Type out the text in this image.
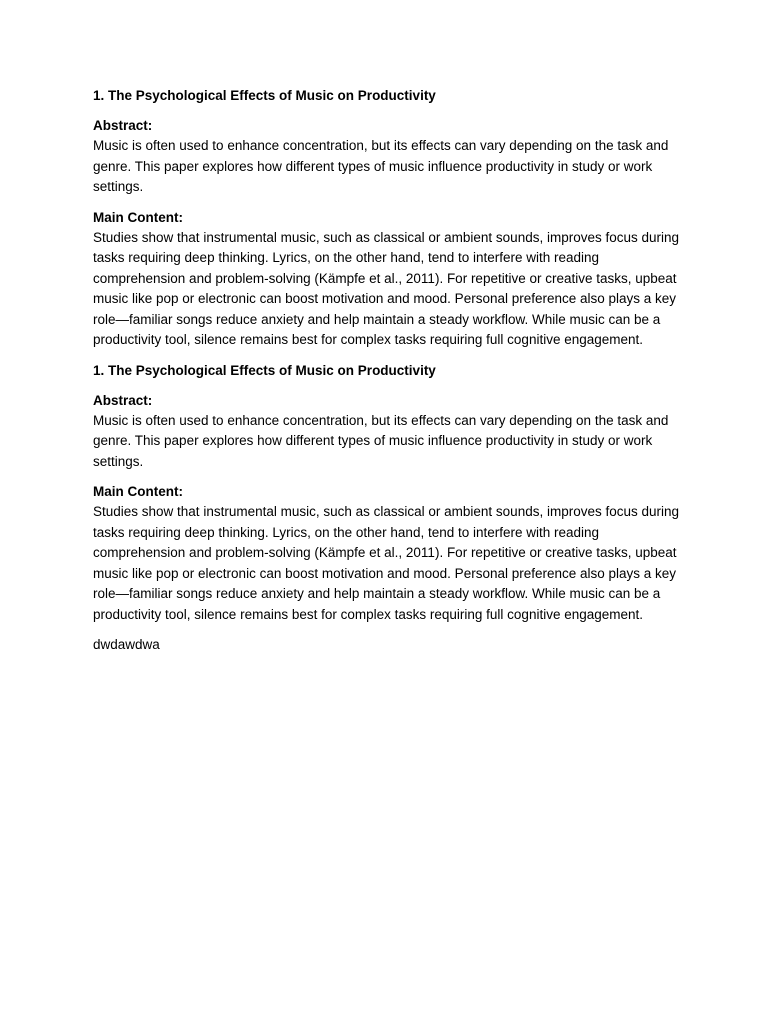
1. The Psychological Effects of Music on Productivity

Abstract:

Music is often used to enhance concentration, but its effects can vary depending on the task and genre. This paper explores how different types of music influence productivity in study or work settings.

Main Content:

Studies show that instrumental music, such as classical or ambient sounds, improves focus during tasks requiring deep thinking. Lyrics, on the other hand, tend to interfere with reading comprehension and problem-solving (Kämpfe et al., 2011). For repetitive or creative tasks, upbeat music like pop or electronic can boost motivation and mood. Personal preference also plays a key role—familiar songs reduce anxiety and help maintain a steady workflow. While music can be a productivity tool, silence remains best for complex tasks requiring full cognitive engagement.

1. The Psychological Effects of Music on Productivity

Abstract:

Music is often used to enhance concentration, but its effects can vary depending on the task and genre. This paper explores how different types of music influence productivity in study or work settings.

Main Content:

Studies show that instrumental music, such as classical or ambient sounds, improves focus during tasks requiring deep thinking. Lyrics, on the other hand, tend to interfere with reading comprehension and problem-solving (Kämpfe et al., 2011). For repetitive or creative tasks, upbeat music like pop or electronic can boost motivation and mood. Personal preference also plays a key role—familiar songs reduce anxiety and help maintain a steady workflow. While music can be a productivity tool, silence remains best for complex tasks requiring full cognitive engagement.

dwdawdwa
